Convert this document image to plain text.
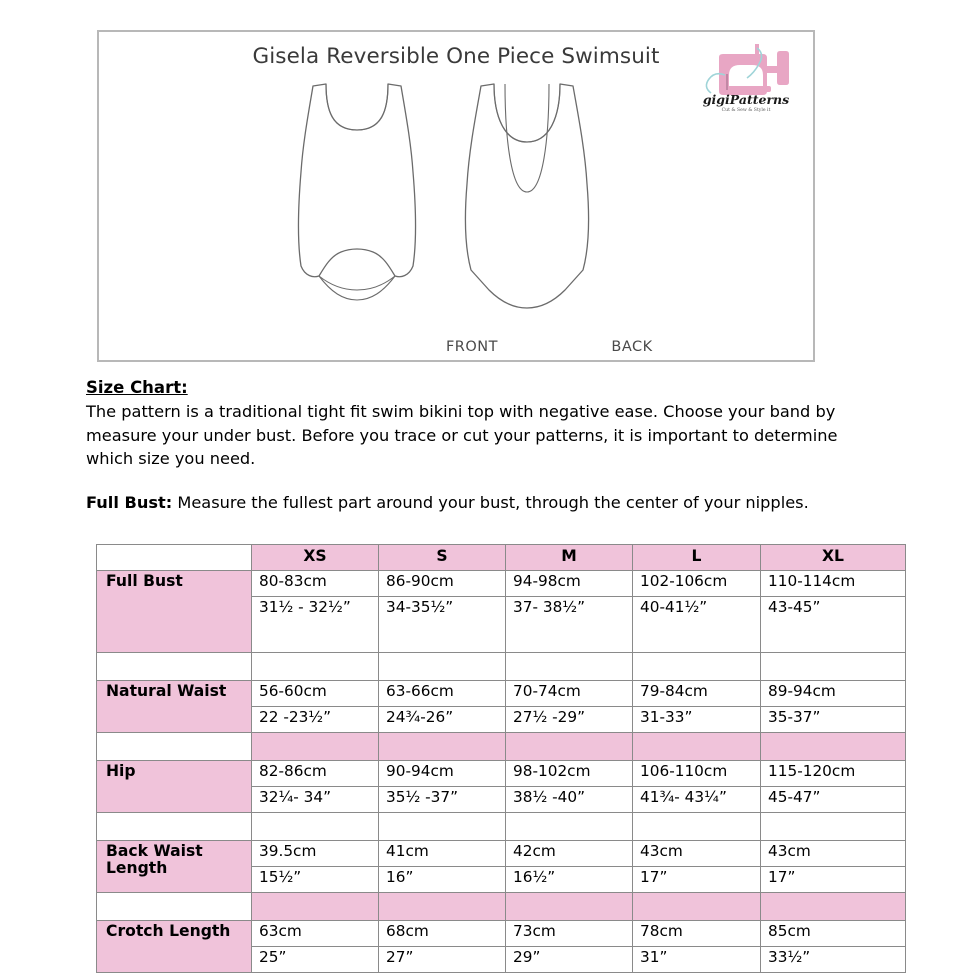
Gisela Reversible One Piece Swimsuit
gigiPatterns
Cut & Sew & Style it
FRONT	BACK
Size Chart:
The pattern is a traditional tight fit swim bikini top with negative ease. Choose your band by measure your under bust. Before you trace or cut your patterns, it is important to determine which size you need.
Full Bust: Measure the fullest part around your bust, through the center of your nipples.
	XS	S	M	L	XL
Full Bust	80-83cm	86-90cm	94-98cm	102-106cm	110-114cm
	31½ - 32½”	34-35½”	37- 38½”	40-41½”	43-45”

Natural Waist	56-60cm	63-66cm	70-74cm	79-84cm	89-94cm
	22 -23½”	24¾-26”	27½ -29”	31-33”	35-37”

Hip	82-86cm	90-94cm	98-102cm	106-110cm	115-120cm
	32¼- 34”	35½ -37”	38½ -40”	41¾- 43¼”	45-47”

Back Waist Length	39.5cm	41cm	42cm	43cm	43cm
	15½”	16”	16½”	17”	17”

Crotch Length	63cm	68cm	73cm	78cm	85cm
	25”	27”	29”	31”	33½”
